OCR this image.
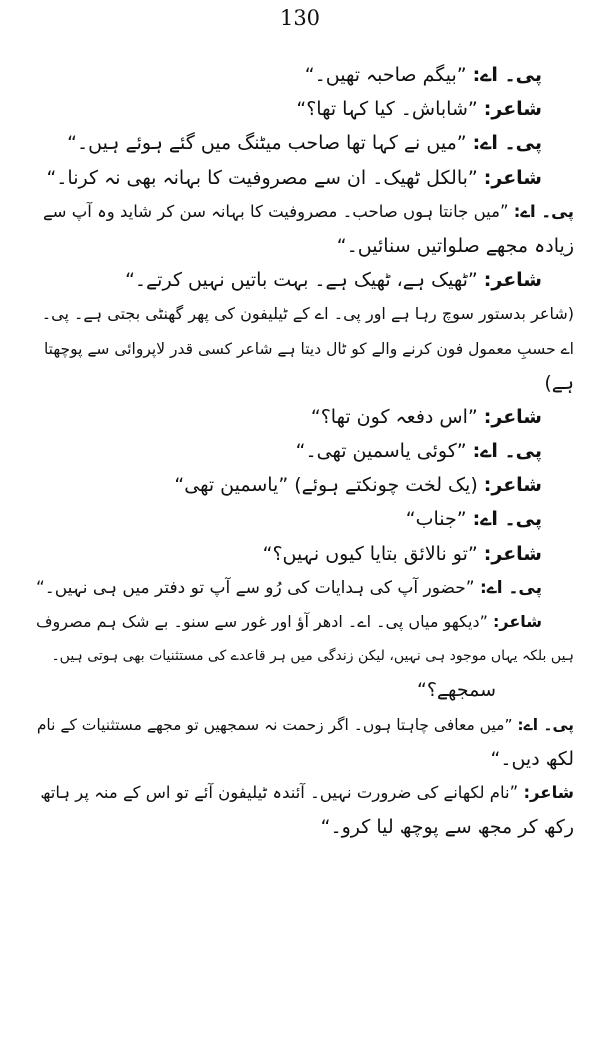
130
پی۔ اے: ”بیگم صاحبہ تھیں۔“
شاعر: ”شاباش۔ کیا کہا تھا؟“
پی۔ اے: ”میں نے کہا تھا صاحب میٹنگ میں گئے ہوئے ہیں۔“
شاعر: ”بالکل ٹھیک۔ ان سے مصروفیت کا بہانہ بھی نہ کرنا۔“
پی۔ اے: ”میں جانتا ہوں صاحب۔ مصروفیت کا بہانہ سن کر شاید وہ آپ سے
زیادہ مجھے صلواتیں سنائیں۔“
شاعر: ”ٹھیک ہے، ٹھیک ہے۔ بہت باتیں نہیں کرتے۔“
(شاعر بدستور سوچ رہا ہے اور پی۔ اے کے ٹیلیفون کی پھر گھنٹی بجتی ہے۔ پی۔
اے حسبِ معمول فون کرنے والے کو ٹال دیتا ہے شاعر کسی قدر لاپروائی سے پوچھتا
ہے)
شاعر: ”اس دفعہ کون تھا؟“
پی۔ اے: ”کوئی یاسمین تھی۔“
شاعر: (یک لخت چونکتے ہوئے) ”یاسمین تھی“
پی۔ اے: ”جناب“
شاعر: ”تو نالائق بتایا کیوں نہیں؟“
پی۔ اے: ”حضور آپ کی ہدایات کی رُو سے آپ تو دفتر میں ہی نہیں۔“
شاعر: ”دیکھو میاں پی۔ اے۔ ادھر آؤ اور غور سے سنو۔ بے شک ہم مصروف
ہیں بلکہ یہاں موجود ہی نہیں، لیکن زندگی میں ہر قاعدے کی مستثنیات بھی ہوتی ہیں۔
سمجھے؟“
پی۔ اے: ”میں معافی چاہتا ہوں۔ اگر زحمت نہ سمجھیں تو مجھے مستثنیات کے نام
لکھ دیں۔“
شاعر: ”نام لکھانے کی ضرورت نہیں۔ آئندہ ٹیلیفون آئے تو اس کے منہ پر ہاتھ
رکھ کر مجھ سے پوچھ لیا کرو۔“
